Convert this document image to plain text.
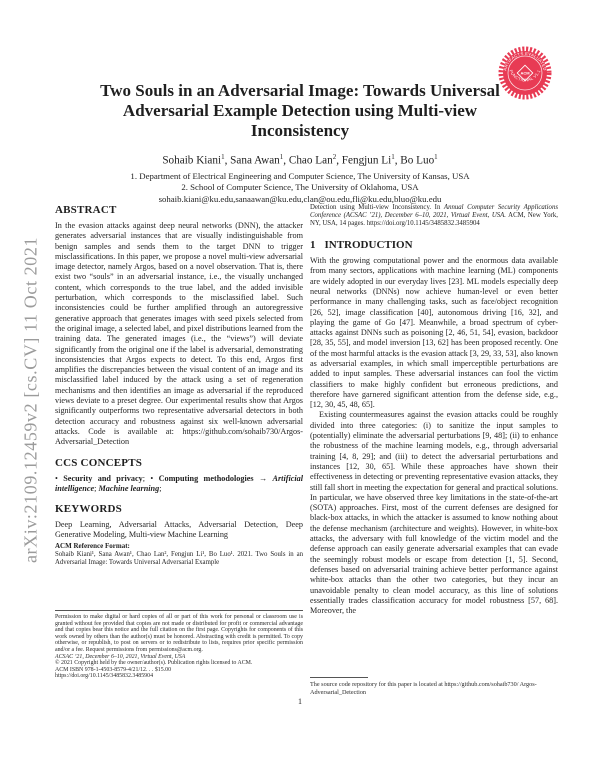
arXiv:2109.12459v2 [cs.CV] 11 Oct 2021
ARTIFACTS EVALUATED
FUNCTIONAL V1.1
ACM
Two Souls in an Adversarial Image: Towards Universal Adversarial Example Detection using Multi-view Inconsistency
Sohaib Kiani$^1$, Sana Awan$^1$, Chao Lan$^2$, Fengjun Li$^1$, Bo Luo$^1$
1. Department of Electrical Engineering and Computer Science, The University of Kansas, USA
2. School of Computer Science, The University of Oklahoma, USA
sohaib.kiani@ku.edu,sanaawan@ku.edu,clan@ou.edu,fli@ku.edu,bluo@ku.edu
ABSTRACT

In the evasion attacks against deep neural networks (DNN), the attacker generates adversarial instances that are visually indistinguishable from benign samples and sends them to the target DNN to trigger misclassifications. In this paper, we propose a novel multi-view adversarial image detector, namely Argos, based on a novel observation. That is, there exist two “souls” in an adversarial instance, i.e., the visually unchanged content, which corresponds to the true label, and the added invisible perturbation, which corresponds to the misclassified label. Such inconsistencies could be further amplified through an autoregressive generative approach that generates images with seed pixels selected from the original image, a selected label, and pixel distributions learned from the training data. The generated images (i.e., the “views”) will deviate significantly from the original one if the label is adversarial, demonstrating inconsistencies that Argos expects to detect. To this end, Argos first amplifies the discrepancies between the visual content of an image and its misclassified label induced by the attack using a set of regeneration mechanisms and then identifies an image as adversarial if the reproduced views deviate to a preset degree. Our experimental results show that Argos significantly outperforms two representative adversarial detectors in both detection accuracy and robustness against six well-known adversarial attacks. Code is available at: https://github.com/sohaib730/Argos-Adversarial_Detection

CCS CONCEPTS

• Security and privacy; • Computing methodologies → Artificial intelligence; Machine learning;

KEYWORDS

Deep Learning, Adversarial Attacks, Adversarial Detection, Deep Generative Modeling, Multi-view Machine Learning

ACM Reference Format:

Sohaib Kiani¹, Sana Awan¹, Chao Lan², Fengjun Li¹, Bo Luo¹. 2021. Two Souls in an Adversarial Image: Towards Universal Adversarial Example

Permission to make digital or hard copies of all or part of this work for personal or classroom use is granted without fee provided that copies are not made or distributed for profit or commercial advantage and that copies bear this notice and the full citation on the first page. Copyrights for components of this work owned by others than the author(s) must be honored. Abstracting with credit is permitted. To copy otherwise, or republish, to post on servers or to redistribute to lists, requires prior specific permission and/or a fee. Request permissions from permissions@acm.org.

ACSAC ’21, December 6–10, 2021, Virtual Event, USA

© 2021 Copyright held by the owner/author(s). Publication rights licensed to ACM.

ACM ISBN 978-1-4503-8579-4/21/12. . . $15.00

https://doi.org/10.1145/3485832.3485904

Detection using Multi-view Inconsistency. In Annual Computer Security Applications Conference (ACSAC ’21), December 6–10, 2021, Virtual Event, USA. ACM, New York, NY, USA, 14 pages. https://doi.org/10.1145/3485832.3485904

1 INTRODUCTION

With the growing computational power and the enormous data available from many sectors, applications with machine learning (ML) components are widely adopted in our everyday lives [23]. ML models especially deep neural networks (DNNs) now achieve human-level or even better performance in many challenging tasks, such as face/object recognition [26, 52], image classification [40], autonomous driving [16, 32], and playing the game of Go [47]. Meanwhile, a broad spectrum of cyber-attacks against DNNs such as poisoning [2, 46, 51, 54], evasion, backdoor [28, 35, 55], and model inversion [13, 62] has been proposed recently. One of the most harmful attacks is the evasion attack [3, 29, 33, 53], also known as adversarial examples, in which small imperceptible perturbations are added to input samples. These adversarial instances can fool the victim classifiers to make highly confident but erroneous predictions, and therefore have garnered significant attention from the defense side, e.g., [12, 30, 45, 48, 65].

Existing countermeasures against the evasion attacks could be roughly divided into three categories: (i) to sanitize the input samples to (potentially) eliminate the adversarial perturbations [9, 48]; (ii) to enhance the robustness of the machine learning models, e.g., through adversarial training [4, 8, 29]; and (iii) to detect the adversarial perturbations and instances [12, 30, 65]. While these approaches have shown their effectiveness in detecting or preventing representative evasion attacks, they still fall short in meeting the expectation for general and practical solutions. In particular, we have observed three key limitations in the state-of-the-art (SOTA) approaches. First, most of the current defenses are designed for black-box attacks, in which the attacker is assumed to know nothing about the defense mechanism (architecture and weights). However, in white-box attacks, the adversary with full knowledge of the victim model and the defense approach can easily generate adversarial examples that can evade the seemingly robust models or escape from detection [1, 5]. Second, defenses based on adversarial training achieve better performance against white-box attacks than the other two categories, but they incur an unavoidable penalty to clean model accuracy, as this line of solutions essentially trades classification accuracy for model robustness [57, 68]. Moreover, the

The source code repository for this paper is located at https://github.com/sohaib730/ Argos-Adversarial_Detection
1
